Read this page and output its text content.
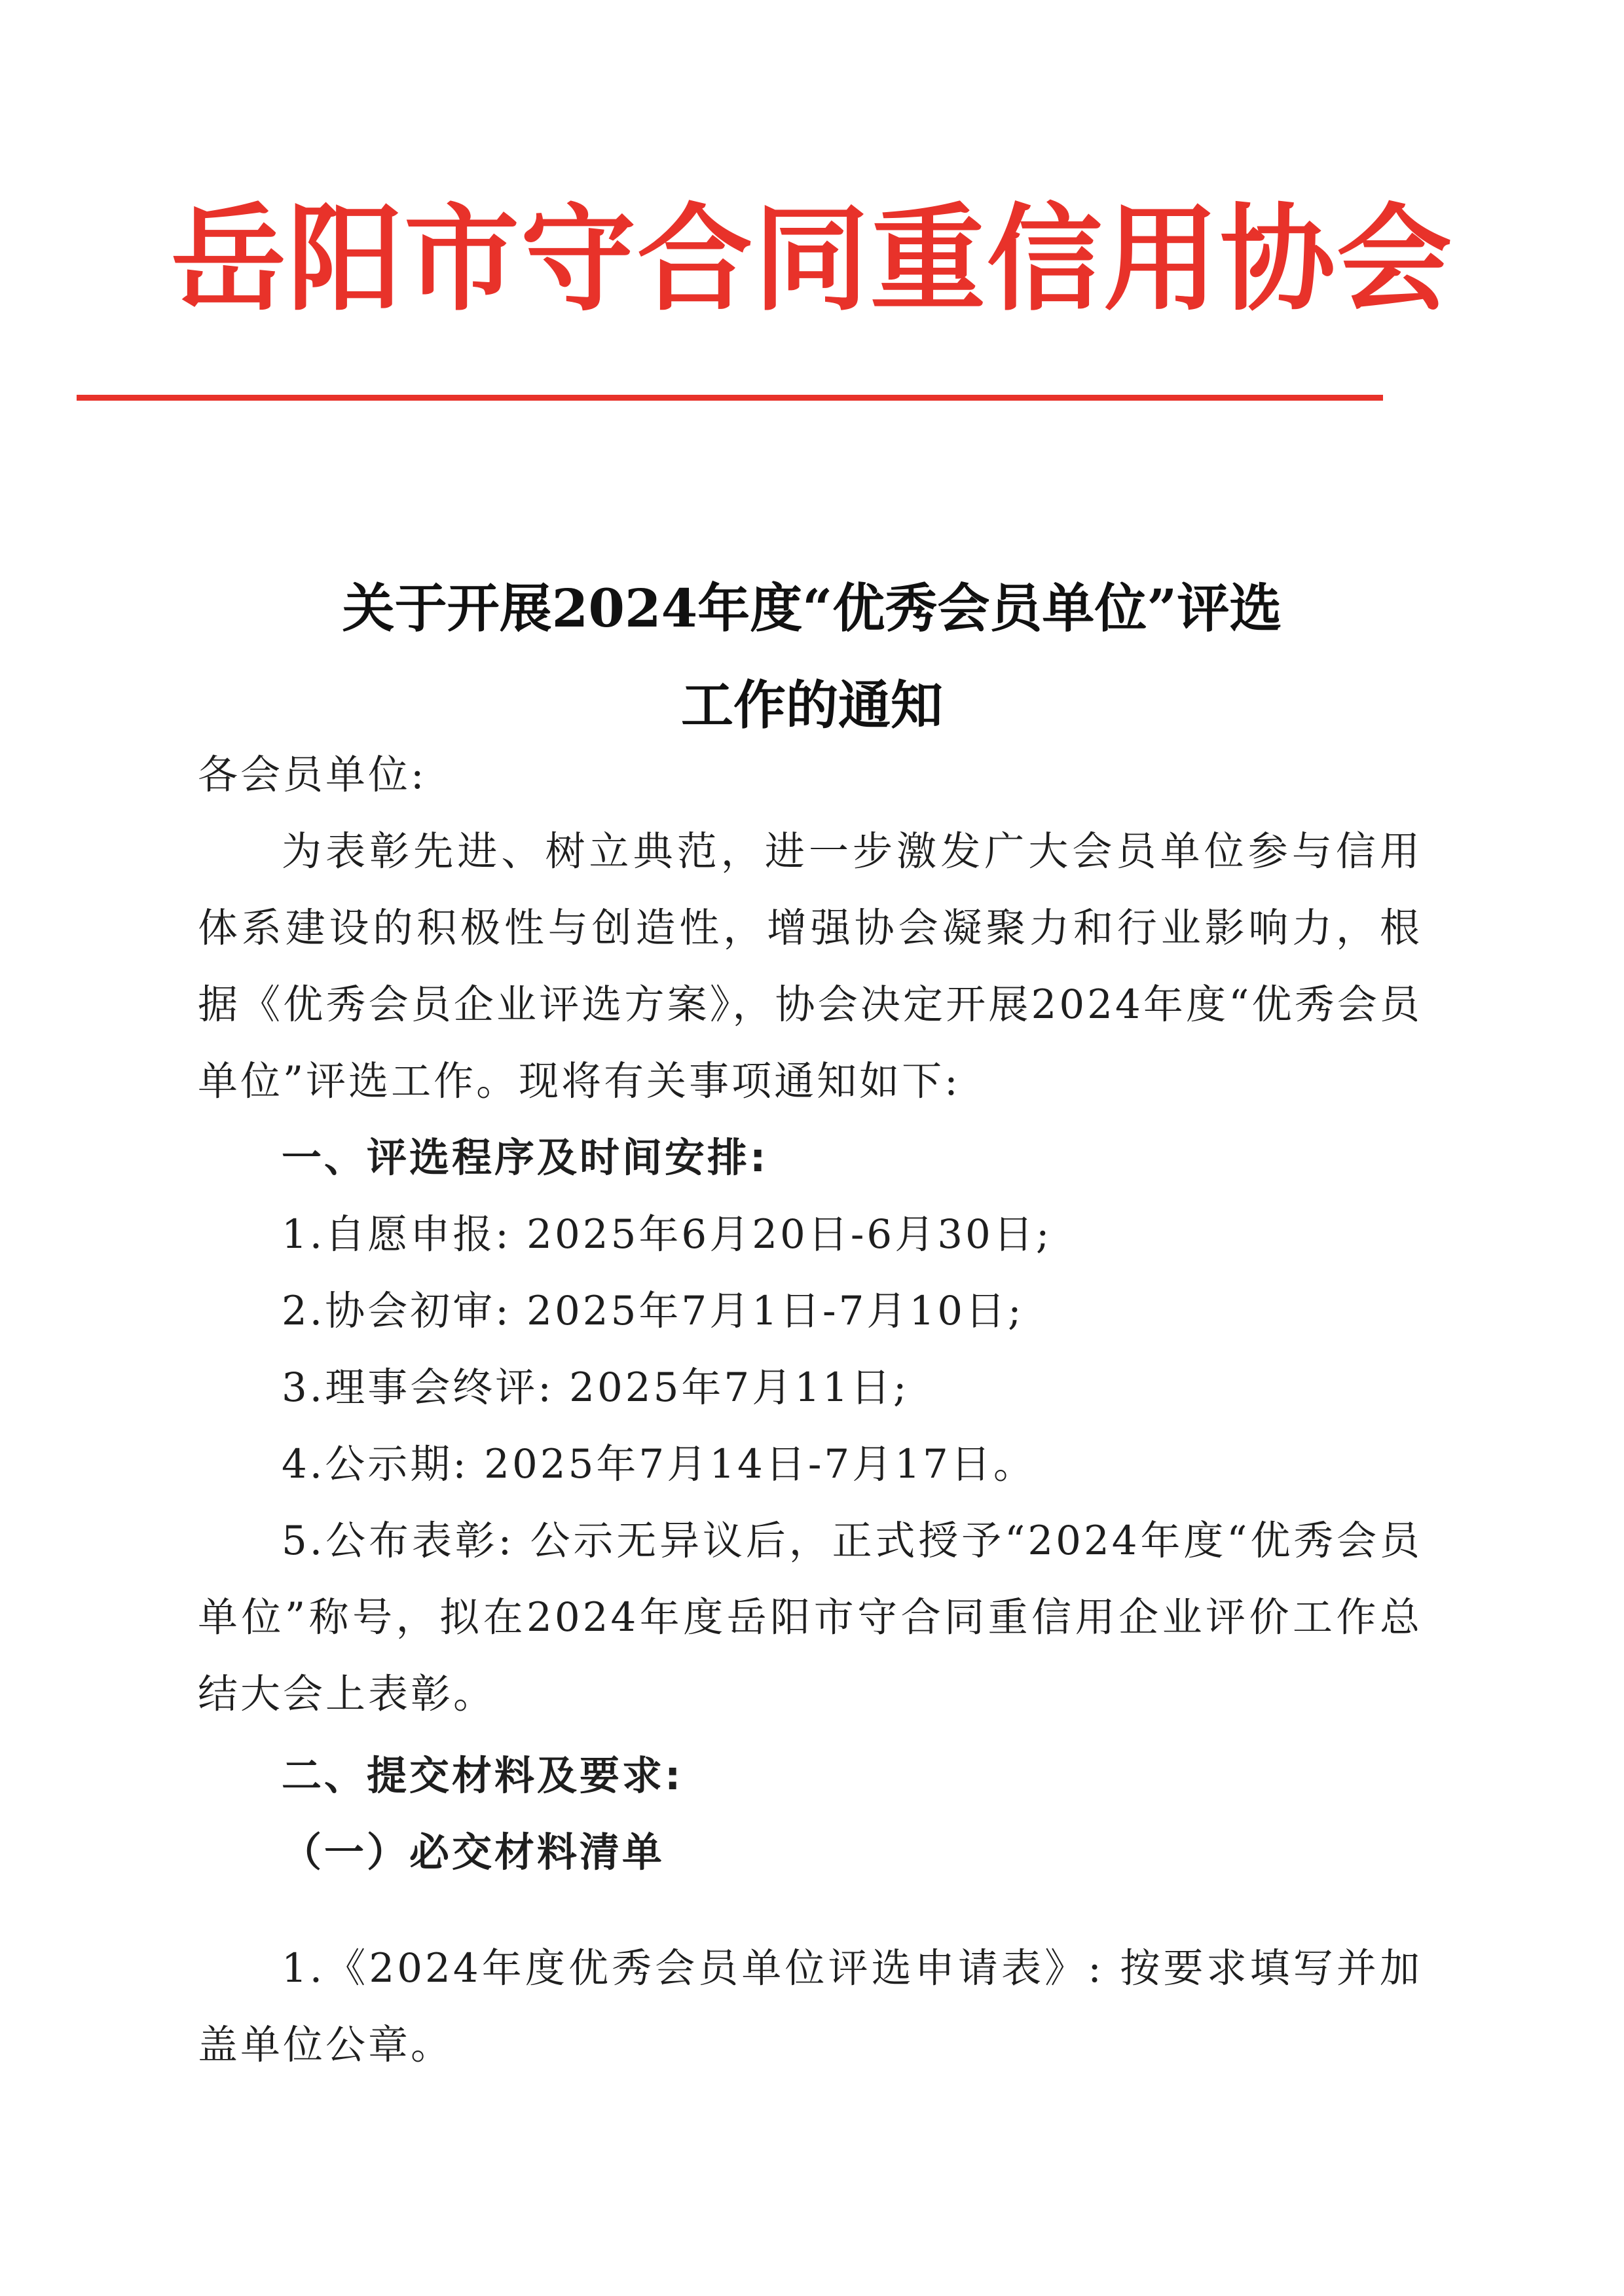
岳阳市守合同重信用协会
关于开展2024年度“优秀会员单位”评选
工作的通知

各会员单位:

为表彰先进、树立典范，进一步激发广大会员单位参与信用体系建设的积极性与创造性，增强协会凝聚力和行业影响力，根据《优秀会员企业评选方案》，协会决定开展2024年度“优秀会员单位”评选工作。现将有关事项通知如下:

一、评选程序及时间安排:

1.自愿申报: 2025年6月20日-6月30日;

2.协会初审: 2025年7月1日-7月10日;

3.理事会终评: 2025年7月11日;

4.公示期: 2025年7月14日-7月17日。

5.公布表彰: 公示无异议后，正式授予“2024年度“优秀会员单位”称号，拟在2024年度岳阳市守合同重信用企业评价工作总结大会上表彰。

二、提交材料及要求:

（一）必交材料清单

1.《2024年度优秀会员单位评选申请表》: 按要求填写并加盖单位公章。
